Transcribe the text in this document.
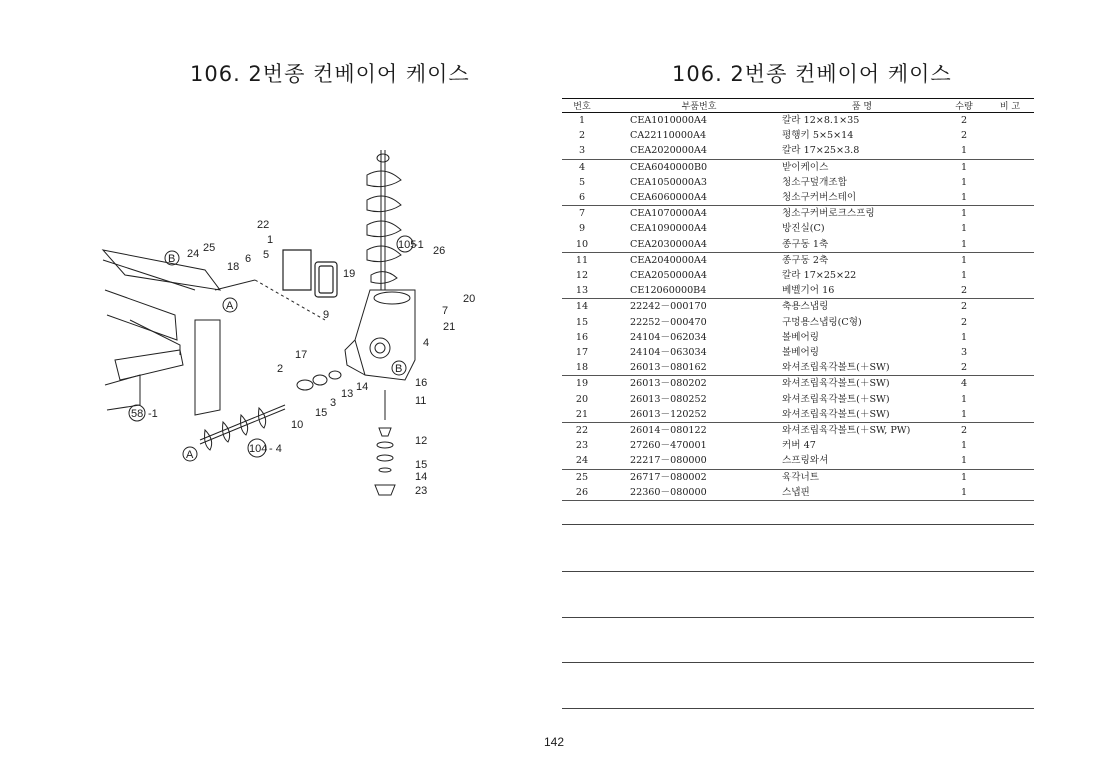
106. 2번종 컨베이어 케이스	106. 2번종 컨베이어 케이스
22
1
5
6
18
24 25
19
9
26
20
7
21
4
17
2
3
13
14	16
15
10
11
12
15
14
23
105
-1
58 -1
104 - 4
B
A
A
B
번호	부품번호	품 명	수량	비 고
1	CEA1010000A4	칼라 12×8.1×35	2	
2	CA22110000A4	평행키 5×5×14	2	
3	CEA2020000A4	칼라 17×25×3.8	1	
4	CEA6040000B0	받이케이스	1	
5	CEA1050000A3	청소구덮개조합	1	
6	CEA6060000A4	청소구커버스테이	1	
7	CEA1070000A4	청소구커버로크스프링	1	
9	CEA1090000A4	방진실(C)	1	
10	CEA2030000A4	종구동 1축	1	
11	CEA2040000A4	종구동 2축	1	
12	CEA2050000A4	칼라 17×25×22	1	
13	CE12060000B4	베벨기어 16	2	
14	22242－000170	축용스냅링	2	
15	22252－000470	구멍용스냅링(C형)	2	
16	24104－062034	볼베어링	1	
17	24104－063034	볼베어링	3	
18	26013－080162	와셔조립육각볼트(＋SW)	2	
19	26013－080202	와셔조립육각볼트(＋SW)	4	
20	26013－080252	와셔조립육각볼트(＋SW)	1	
21	26013－120252	와셔조립육각볼트(＋SW)	1	
22	26014－080122	와셔조립육각볼트(＋SW, PW)	2	
23	27260－470001	커버 47	1	
24	22217－080000	스프링와셔	1	
25	26717－080002	육각너트	1	
26	22360－080000	스냅핀	1	
142
